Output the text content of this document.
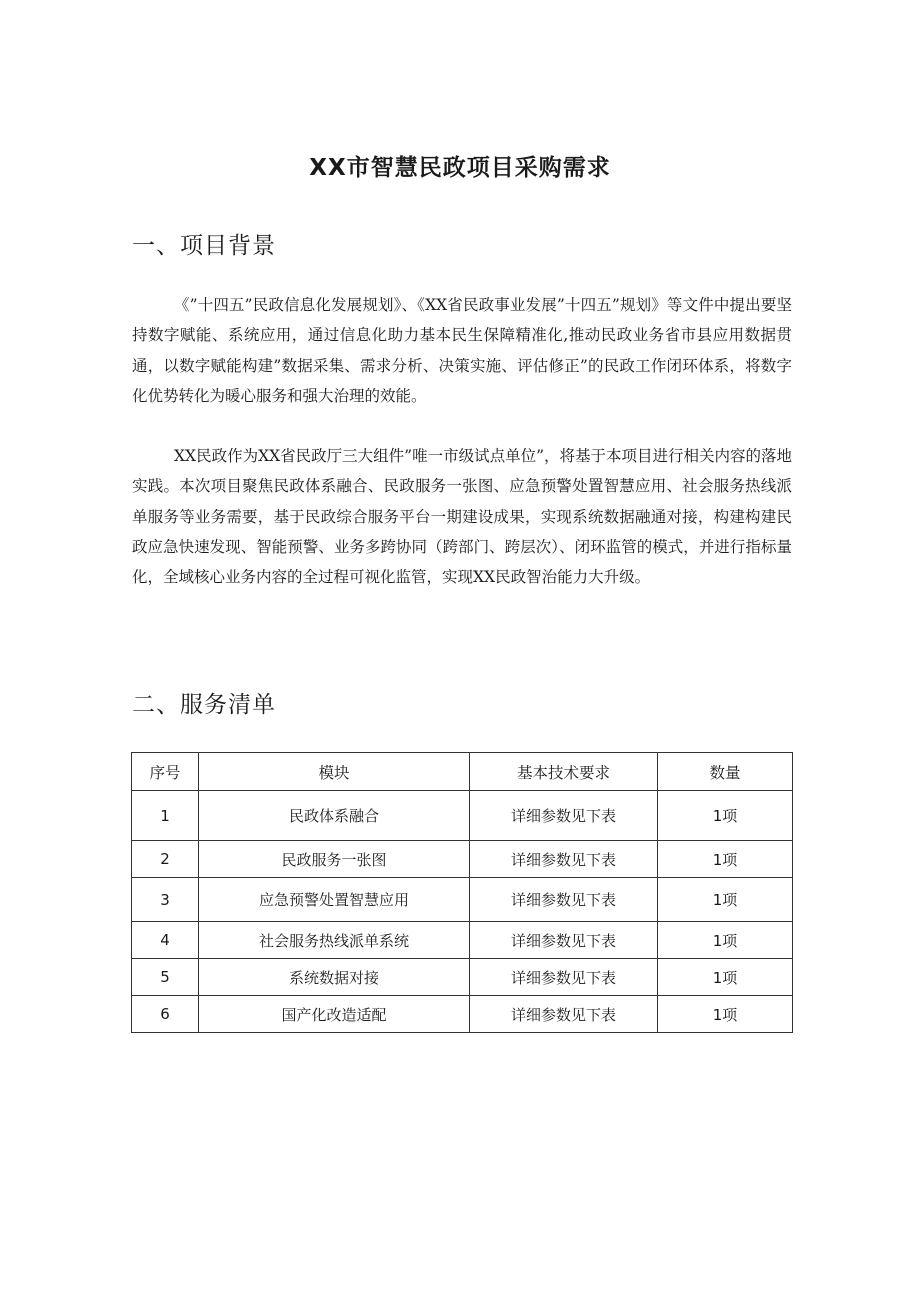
XX市智慧民政项目采购需求
一、项目背景

《”十四五”民政信息化发展规划》、《XX省民政事业发展”十四五”规划》等文件中提出要坚持数字赋能、系统应用，通过信息化助力基本民生保障精准化,推动民政业务省市县应用数据贯通，以数字赋能构建”数据采集、需求分析、决策实施、评估修正”的民政工作闭环体系，将数字化优势转化为暖心服务和强大治理的效能。

XX民政作为XX省民政厅三大组件”唯一市级试点单位”，将基于本项目进行相关内容的落地实践。本次项目聚焦民政体系融合、民政服务一张图、应急预警处置智慧应用、社会服务热线派单服务等业务需要，基于民政综合服务平台一期建设成果，实现系统数据融通对接，构建构建民政应急快速发现、智能预警、业务多跨协同（跨部门、跨层次）、闭环监管的模式，并进行指标量化，全域核心业务内容的全过程可视化监管，实现XX民政智治能力大升级。

二、服务清单
序号	模块	基本技术要求	数量
1	民政体系融合	详细参数见下表	1项
2	民政服务一张图	详细参数见下表	1项
3	应急预警处置智慧应用	详细参数见下表	1项
4	社会服务热线派单系统	详细参数见下表	1项
5	系统数据对接	详细参数见下表	1项
6	国产化改造适配	详细参数见下表	1项
